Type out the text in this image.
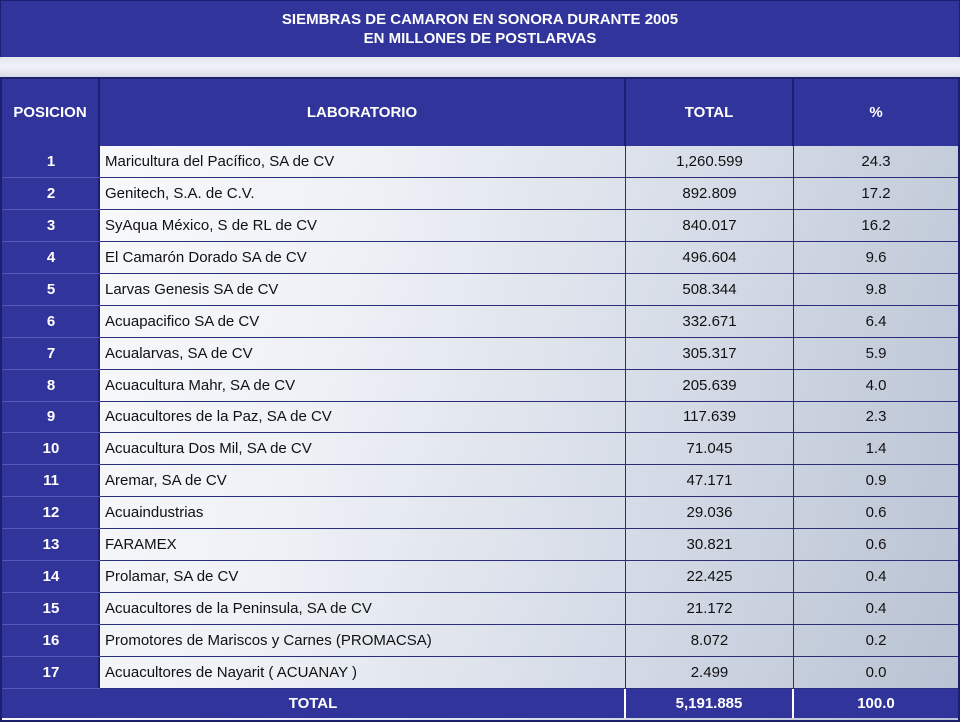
SIEMBRAS DE CAMARON EN SONORA DURANTE 2005
EN MILLONES DE POSTLARVAS
POSICION	LABORATORIO	TOTAL	%
1	Maricultura del Pacífico, SA de CV	1,260.599	24.3
2	Genitech, S.A. de C.V.	892.809	17.2
3	SyAqua México, S de RL de CV	840.017	16.2
4	El Camarón Dorado SA de CV	496.604	9.6
5	Larvas Genesis SA de CV	508.344	9.8
6	Acuapacifico SA de CV	332.671	6.4
7	Acualarvas, SA de CV	305.317	5.9
8	Acuacultura Mahr, SA de CV	205.639	4.0
9	Acuacultores de la Paz, SA de CV	117.639	2.3
10	Acuacultura Dos Mil, SA de CV	71.045	1.4
11	Aremar, SA de CV	47.171	0.9
12	Acuaindustrias	29.036	0.6
13	FARAMEX	30.821	0.6
14	Prolamar, SA de CV	22.425	0.4
15	Acuacultores de la Peninsula, SA de CV	21.172	0.4
16	Promotores de Mariscos y Carnes (PROMACSA)	8.072	0.2
17	Acuacultores de Nayarit ( ACUANAY )	2.499	0.0
TOTAL	5,191.885	100.0
